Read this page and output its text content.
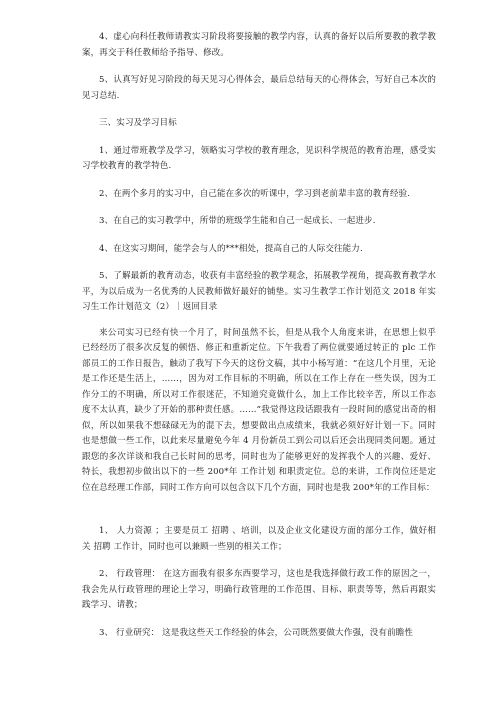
4、虚心向科任教师请教实习阶段将要接触的教学内容，认真的备好以后所要教的教学教案，再交于科任教师给予指导、修改。

5、认真写好见习阶段的每天见习心得体会，最后总结每天的心得体会，写好自己本次的见习总结.

三、实习及学习目标

1、通过带班教学及学习，领略实习学校的教育理念，见识科学规范的教育治理，感受实习学校教育的教学特色.

2、在两个多月的实习中，自己能在多次的听课中，学习到老前辈丰富的教育经验.

3、在自己的实习教学中，所带的班级学生能和自己一起成长、一起进步.

4、在这实习期间，能学会与人的***相处，提高自己的人际交往能力.

5、了解最新的教育动态，收获有丰富经验的教学观念，拓展教学视角，提高教育教学水平，为以后成为一名优秀的人民教师做好最好的铺垫。实习生教学工作计划范文 2018 年实习生工作计划范文（2）｜返回目录

来公司实习已经有快一个月了，时间虽然不长，但是从我个人角度来讲，在思想上似乎已经经历了很多次反复的顿悟、修正和重新定位。下午我看了两位就要通过转正的 plc 工作部员工的工作日报告，触动了我写下今天的这份文稿，其中小杨写道：“在这几个月里，无论是工作还是生活上，……，因为对工作目标的不明确，所以在工作上存在一些失误，因为工作分工的不明确，所以对工作很迷茫，不知道究竟做什么，加上工作比较辛苦，所以工作态度不太认真，缺少了开始的那种责任感。……”我觉得这段话跟我有一段时间的感觉出奇的相似，所以如果我不想碌碌无为的混下去，想要做出点成绩来，我就必须好好计划一下。同时也是想做一些工作，以此来尽量避免今年 4 月份新员工到公司以后还会出现同类问题。通过跟您的多次详谈和我自己长时间的思考，同时也为了能够更好的发挥我个人的兴趣、爱好、特长，我想初步做出以下的一些 200*年 工作计划 和职责定位。总的来讲，工作岗位还是定位在总经理工作部，同时工作方向可以包含以下几个方面，同时也是我 200*年的工作目标：

1、 人力资源 ；主要是员工 招聘 、培训，以及企业文化建设方面的部分工作，做好相关 招聘 工作计，同时也可以兼顾一些别的相关工作；

2、 行政管理： 在这方面我有很多东西要学习，这也是我选择做行政工作的原因之一，我会先从行政管理的理论上学习，明确行政管理的工作范围、目标、职责等等，然后再跟实践学习、请教；

3、 行业研究： 这是我这些天工作经验的体会，公司既然要做大作强，没有前瞻性
